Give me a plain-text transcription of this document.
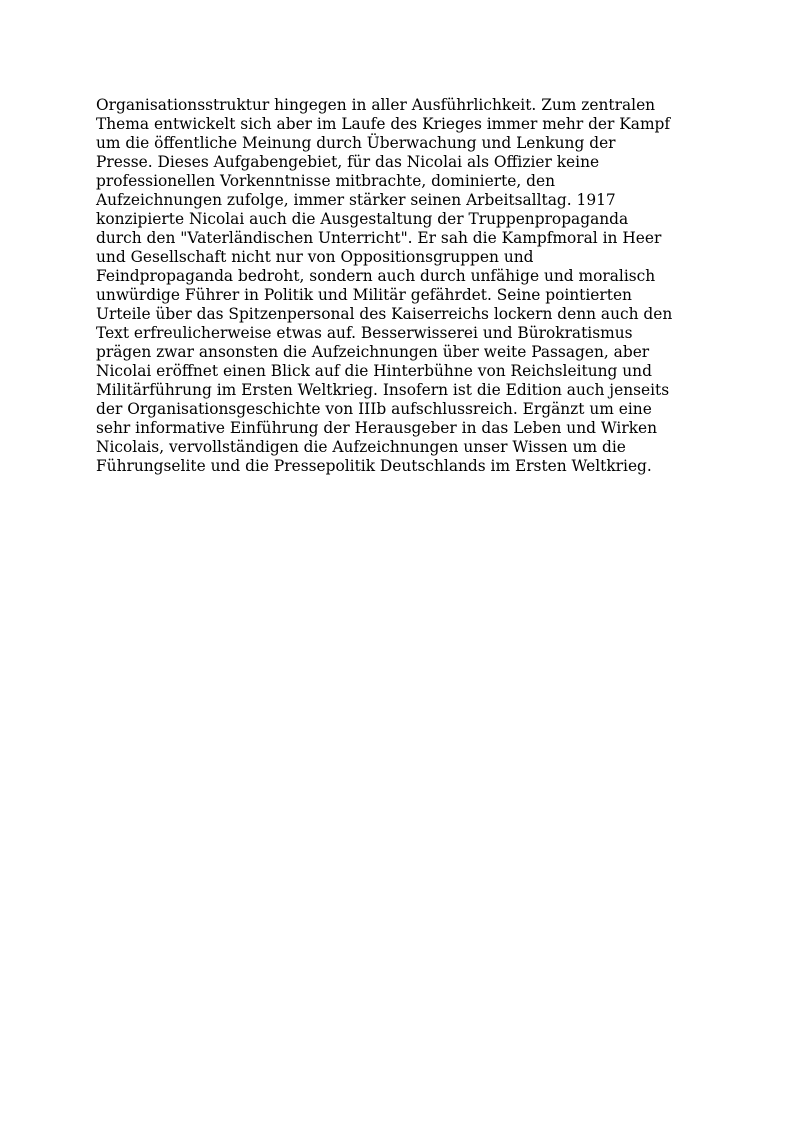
Organisationsstruktur hingegen in aller Ausführlichkeit. Zum zentralen
Thema entwickelt sich aber im Laufe des Krieges immer mehr der Kampf
um die öffentliche Meinung durch Überwachung und Lenkung der
Presse. Dieses Aufgabengebiet, für das Nicolai als Offizier keine
professionellen Vorkenntnisse mitbrachte, dominierte, den
Aufzeichnungen zufolge, immer stärker seinen Arbeitsalltag. 1917
konzipierte Nicolai auch die Ausgestaltung der Truppenpropaganda
durch den "Vaterländischen Unterricht". Er sah die Kampfmoral in Heer
und Gesellschaft nicht nur von Oppositionsgruppen und
Feindpropaganda bedroht, sondern auch durch unfähige und moralisch
unwürdige Führer in Politik und Militär gefährdet. Seine pointierten
Urteile über das Spitzenpersonal des Kaiserreichs lockern denn auch den
Text erfreulicherweise etwas auf. Besserwisserei und Bürokratismus
prägen zwar ansonsten die Aufzeichnungen über weite Passagen, aber
Nicolai eröffnet einen Blick auf die Hinterbühne von Reichsleitung und
Militärführung im Ersten Weltkrieg. Insofern ist die Edition auch jenseits
der Organisationsgeschichte von IIIb aufschlussreich. Ergänzt um eine
sehr informative Einführung der Herausgeber in das Leben und Wirken
Nicolais, vervollständigen die Aufzeichnungen unser Wissen um die
Führungselite und die Pressepolitik Deutschlands im Ersten Weltkrieg.
